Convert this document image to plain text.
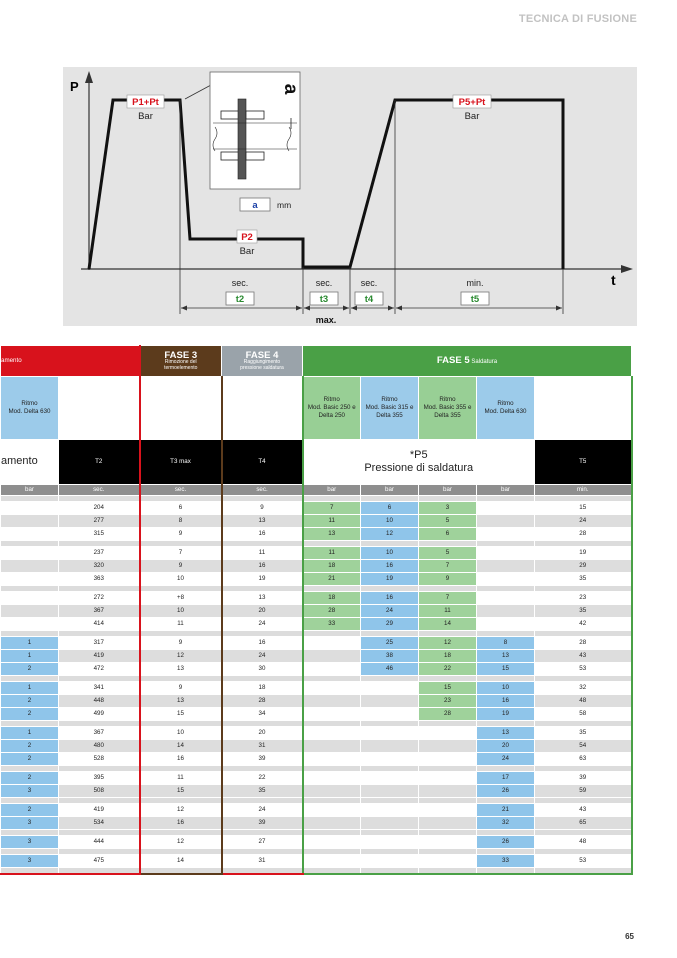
TECNICA DI FUSIONE
P
t
P1+Pt
Bar
a
a mm
P2
Bar
P5+Pt
Bar
sec.
t2
sec.
t3
sec.
t4
min.
t5
max.
amento		FASE 3
Rimozione del
termoelemento	FASE 4
Raggiungimento
pressione saldatura	FASE 5 Saldatura				
Ritmo
Mod. Delta 630				Ritmo
Mod. Basic 250 e
Delta 250	Ritmo
Mod. Basic 315 e
Delta 355	Ritmo
Mod. Basic 355 e
Delta 355	Ritmo
Mod. Delta 630	
amento	T2	T3 max	T4	*P5
Pressione di saldatura				T5
bar	sec.	sec.	sec.	bar	bar	bar	bar	min.

	204	6	9	7	6	3		15
	277	8	13	11	10	5		24
	315	9	16	13	12	6		28

	237	7	11	11	10	5		19
	320	9	16	18	16	7		29
	363	10	19	21	19	9		35

	272	+8	13	18	16	7		23
	367	10	20	28	24	11		35
	414	11	24	33	29	14		42

1	317	9	16		25	12	8	28
1	419	12	24		38	18	13	43
2	472	13	30		46	22	15	53

1	341	9	18			15	10	32
2	448	13	28			23	16	48
2	499	15	34			28	19	58

1	367	10	20				13	35
2	480	14	31				20	54
2	528	16	39				24	63

2	395	11	22				17	39
3	508	15	35				26	59

2	419	12	24				21	43
3	534	16	39				32	65

3	444	12	27				26	48

3	475	14	31				33	53

65
